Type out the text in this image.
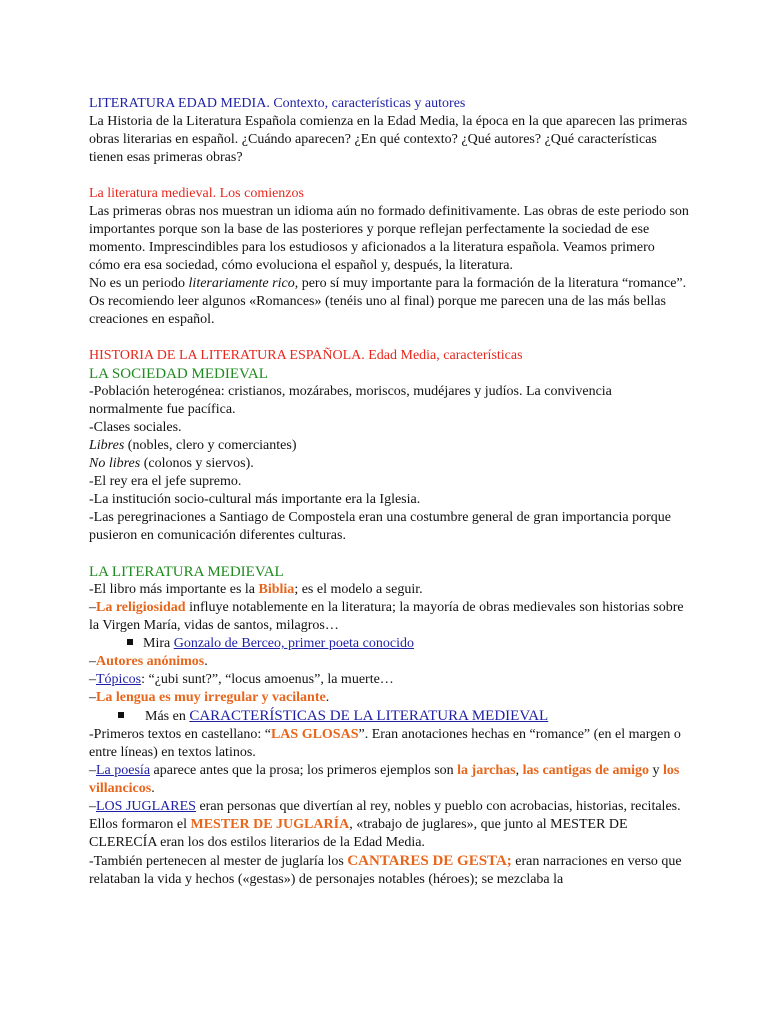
LITERATURA EDAD MEDIA. Contexto, características y autores

La Historia de la Literatura Española comienza en la Edad Media, la época en la que aparecen las primeras obras literarias en español. ¿Cuándo aparecen? ¿En qué contexto? ¿Qué autores? ¿Qué características tienen esas primeras obras?

La literatura medieval. Los comienzos

Las primeras obras nos muestran un idioma aún no formado definitivamente. Las obras de este periodo son importantes porque son la base de las posteriores y porque reflejan perfectamente la sociedad de ese momento. Imprescindibles para los estudiosos y aficionados a la literatura española. Veamos primero cómo era esa sociedad, cómo evoluciona el español y, después, la literatura.

No es un periodo literariamente rico, pero sí muy importante para la formación de la literatura “romance”. Os recomiendo leer algunos «Romances» (tenéis uno al final) porque me parecen una de las más bellas creaciones en español.

HISTORIA DE LA LITERATURA ESPAÑOLA. Edad Media, características

LA SOCIEDAD MEDIEVAL

-Población heterogénea: cristianos, mozárabes, moriscos, mudéjares y judíos. La convivencia normalmente fue pacífica.

-Clases sociales.

Libres (nobles, clero y comerciantes)

No libres (colonos y siervos).

-El rey era el jefe supremo.

-La institución socio-cultural más importante era la Iglesia.

-Las peregrinaciones a Santiago de Compostela eran una costumbre general de gran importancia porque pusieron en comunicación diferentes culturas.

LA LITERATURA MEDIEVAL

-El libro más importante es la Biblia; es el modelo a seguir.

–La religiosidad influye notablemente en la literatura; la mayoría de obras medievales son historias sobre la Virgen María, vidas de santos, milagros…

Mira Gonzalo de Berceo, primer poeta conocido

–Autores anónimos.

–Tópicos: “¿ubi sunt?”, “locus amoenus”, la muerte…

–La lengua es muy irregular y vacilante.

Más en CARACTERÍSTICAS DE LA LITERATURA MEDIEVAL

-Primeros textos en castellano: “LAS GLOSAS”. Eran anotaciones hechas en “romance” (en el margen o entre líneas) en textos latinos.

–La poesía aparece antes que la prosa; los primeros ejemplos son la jarchas, las cantigas de amigo y los villancicos.

–LOS JUGLARES eran personas que divertían al rey, nobles y pueblo con acrobacias, historias, recitales. Ellos formaron el MESTER DE JUGLARÍA, «trabajo de juglares», que junto al MESTER DE CLERECÍA eran los dos estilos literarios de la Edad Media.

-También pertenecen al mester de juglaría los CANTARES DE GESTA; eran narraciones en verso que relataban la vida y hechos («gestas») de personajes notables (héroes); se mezclaba la
